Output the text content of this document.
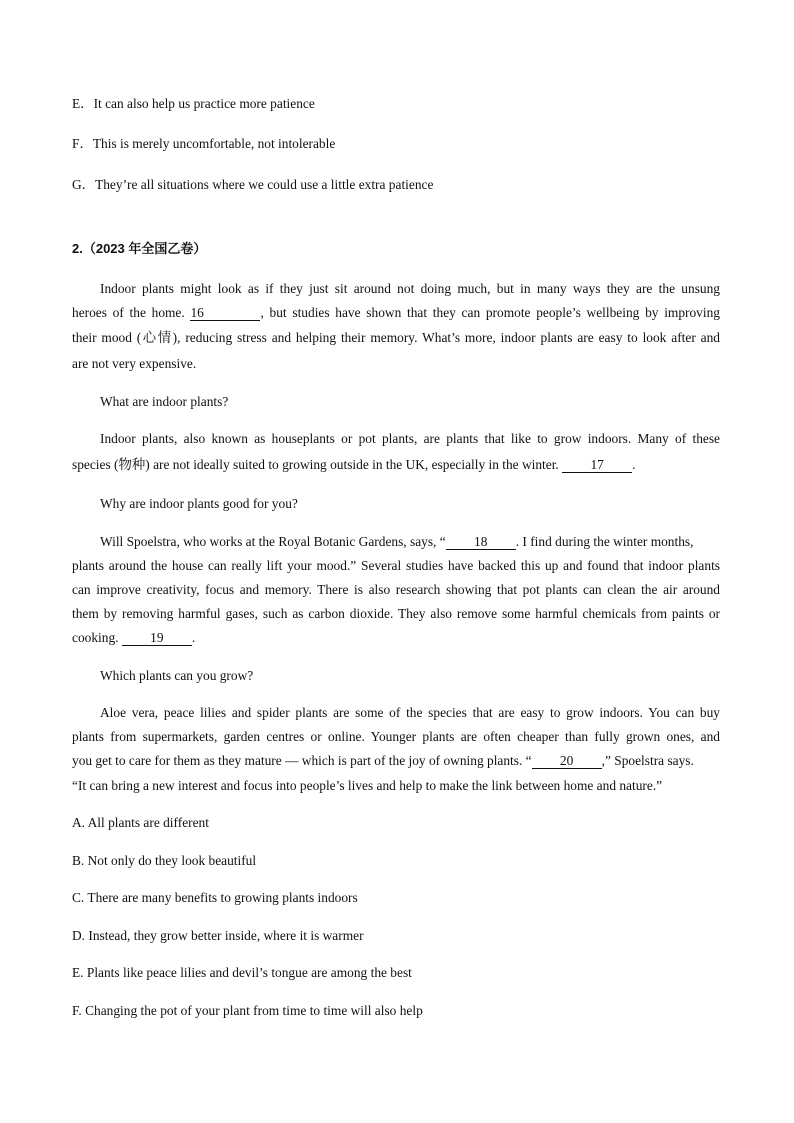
E．It can also help us practice more patience
F．This is merely uncomfortable, not intolerable
G．They’re all situations where we could use a little extra patience
2.（2023 年全国乙卷）
Indoor plants might look as if they just sit around not doing much, but in many ways they are the unsung
heroes of the home. 16	, but studies have shown that they can promote people’s wellbeing by improving
their mood (心情), reducing stress and helping their memory. What’s more, indoor plants are easy to look after and
are not very expensive.
What are indoor plants?
Indoor plants, also known as houseplants or pot plants, are plants that like to grow indoors. Many of these
species (物种) are not ideally suited to growing outside in the UK, especially in the winter. 17 .
Why are indoor plants good for you?
Will Spoelstra, who works at the Royal Botanic Gardens, says, “ 18 . I find during the winter months,
plants around the house can really lift your mood.” Several studies have backed this up and found that indoor plants
can improve creativity, focus and memory. There is also research showing that pot plants can clean the air around
them by removing harmful gases, such as carbon dioxide. They also remove some harmful chemicals from paints or
cooking. 19 .
Which plants can you grow?
Aloe vera, peace lilies and spider plants are some of the species that are easy to grow indoors. You can buy
plants from supermarkets, garden centres or online. Younger plants are often cheaper than fully grown ones, and
you get to care for them as they mature — which is part of the joy of owning plants. “ 20 ,” Spoelstra says.
“It can bring a new interest and focus into people’s lives and help to make the link between home and nature.”
A. All plants are different
B. Not only do they look beautiful
C. There are many benefits to growing plants indoors
D. Instead, they grow better inside, where it is warmer
E. Plants like peace lilies and devil’s tongue are among the best
F. Changing the pot of your plant from time to time will also help
